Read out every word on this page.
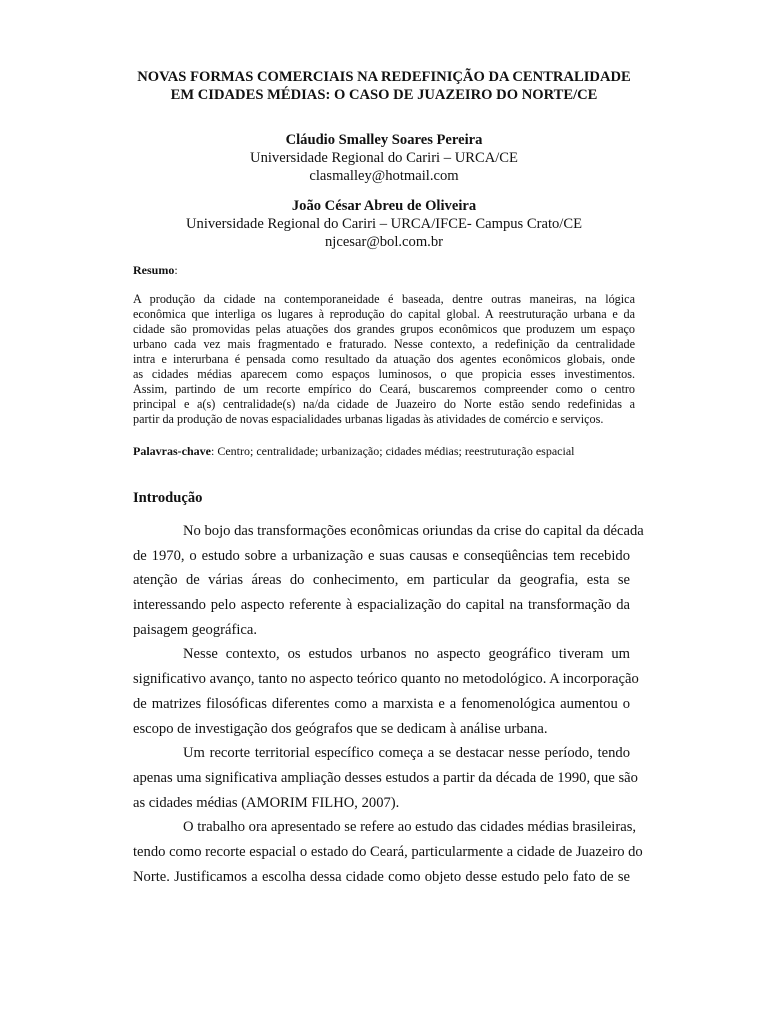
NOVAS FORMAS COMERCIAIS NA REDEFINIÇÃO DA CENTRALIDADE
EM CIDADES MÉDIAS: O CASO DE JUAZEIRO DO NORTE/CE
Cláudio Smalley Soares Pereira
Universidade Regional do Cariri – URCA/CE
clasmalley@hotmail.com
João César Abreu de Oliveira
Universidade Regional do Cariri – URCA/IFCE- Campus Crato/CE
njcesar@bol.com.br
Resumo:
A produção da cidade na contemporaneidade é baseada, dentre outras maneiras, na lógica
econômica que interliga os lugares à reprodução do capital global. A reestruturação urbana e da
cidade são promovidas pelas atuações dos grandes grupos econômicos que produzem um espaço
urbano cada vez mais fragmentado e fraturado. Nesse contexto, a redefinição da centralidade
intra e interurbana é pensada como resultado da atuação dos agentes econômicos globais, onde
as cidades médias aparecem como espaços luminosos, o que propicia esses investimentos.
Assim, partindo de um recorte empírico do Ceará, buscaremos compreender como o centro
principal e a(s) centralidade(s) na/da cidade de Juazeiro do Norte estão sendo redefinidas a
partir da produção de novas espacialidades urbanas ligadas às atividades de comércio e serviços.
Palavras-chave: Centro; centralidade; urbanização; cidades médias; reestruturação espacial
Introdução
No bojo das transformações econômicas oriundas da crise do capital da década
de 1970, o estudo sobre a urbanização e suas causas e conseqüências tem recebido
atenção de várias áreas do conhecimento, em particular da geografia, esta se
interessando pelo aspecto referente à espacialização do capital na transformação da
paisagem geográfica.
Nesse contexto, os estudos urbanos no aspecto geográfico tiveram um
significativo avanço, tanto no aspecto teórico quanto no metodológico. A incorporação
de matrizes filosóficas diferentes como a marxista e a fenomenológica aumentou o
escopo de investigação dos geógrafos que se dedicam à análise urbana.
Um recorte territorial específico começa a se destacar nesse período, tendo
apenas uma significativa ampliação desses estudos a partir da década de 1990, que são
as cidades médias (AMORIM FILHO, 2007).
O trabalho ora apresentado se refere ao estudo das cidades médias brasileiras,
tendo como recorte espacial o estado do Ceará, particularmente a cidade de Juazeiro do
Norte. Justificamos a escolha dessa cidade como objeto desse estudo pelo fato de se
